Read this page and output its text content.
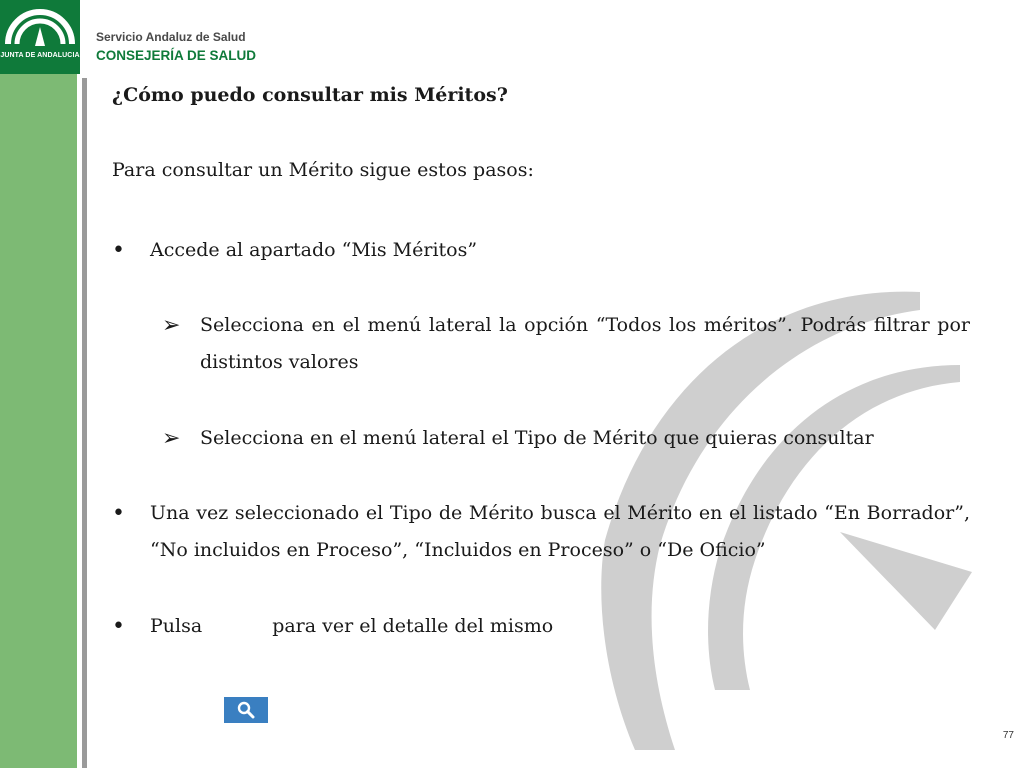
JUNTA DE ANDALUCIA
Servicio Andaluz de Salud
CONSEJERÍA DE SALUD
¿Cómo puedo consultar mis Méritos?
Para consultar un Mérito sigue estos pasos:
•	Accede al apartado “Mis Méritos”
➢	Selecciona en el menú lateral la opción “Todos los méritos”. Podrás filtrar por distintos valores
➢	Selecciona en el menú lateral el Tipo de Mérito que quieras consultar
•	Una vez seleccionado el Tipo de Mérito busca el Mérito en el listado “En Borrador”, “No incluidos en Proceso”, “Incluidos en Proceso” o “De Oficio”
•	Pulsa	para ver el detalle del mismo
77
